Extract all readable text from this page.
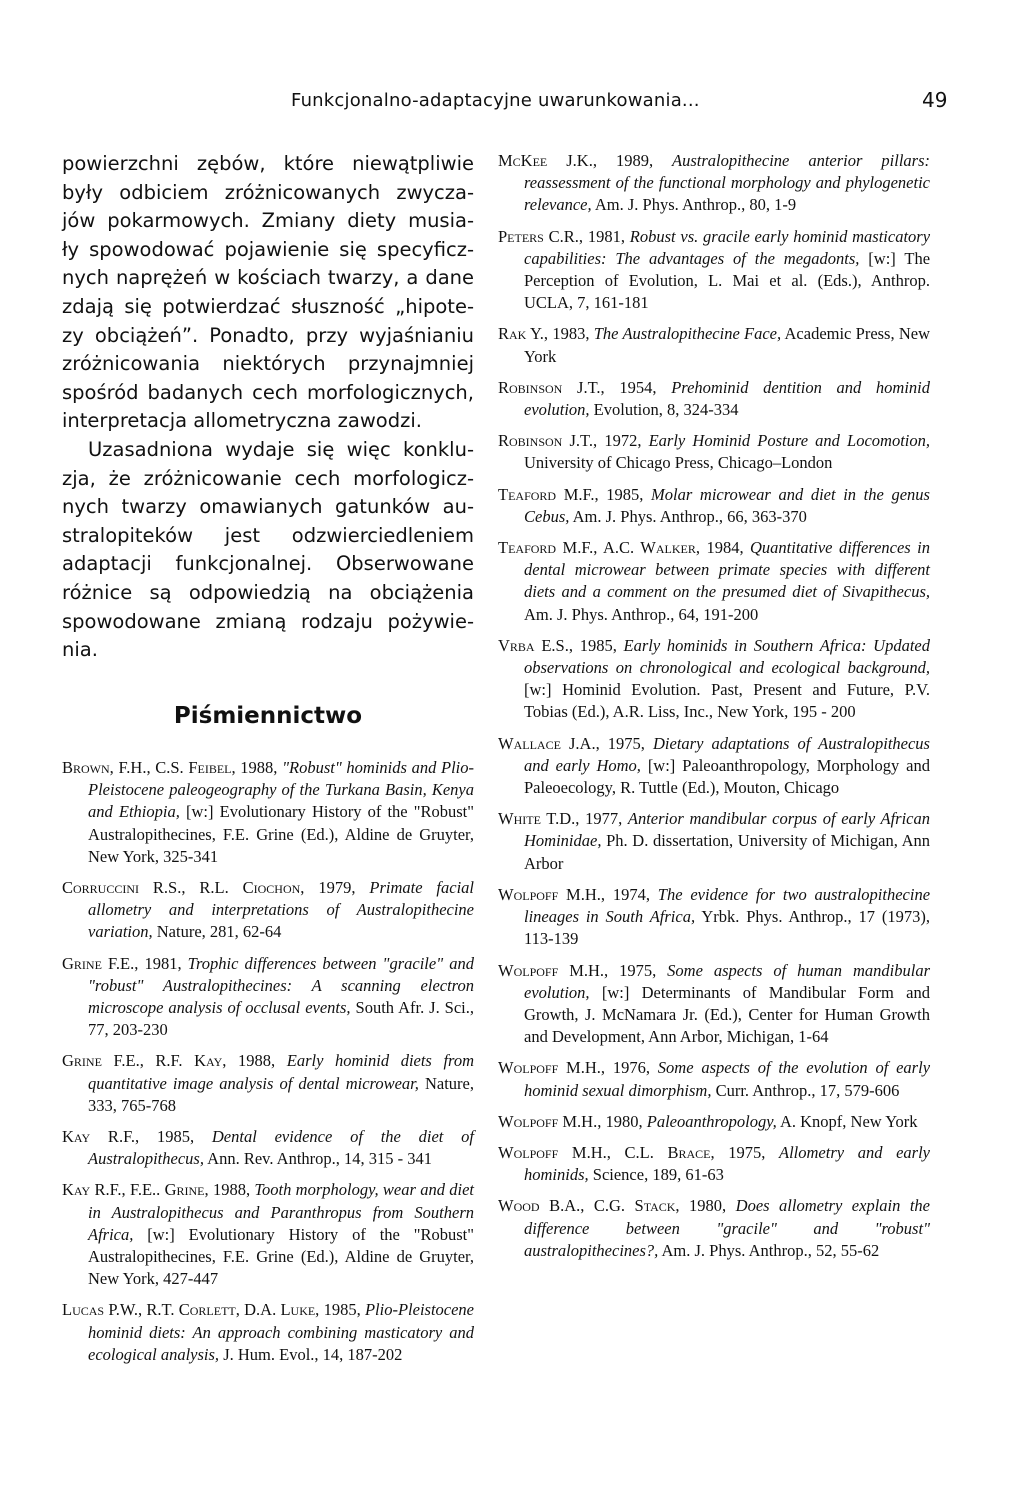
Funkcjonalno-adaptacyjne uwarunkowania...	49

powierzchni zębów, które niewątpliwie
były odbiciem zróżnicowanych zwycza-
jów pokarmowych. Zmiany diety musia-
ły spowodować pojawienie się specyficz-
nych naprężeń w kościach twarzy, a dane
zdają się potwierdzać słuszność „hipote-
zy obciążeń”. Ponadto, przy wyjaśnianiu
zróżnicowania niektórych przynajmniej
spośród badanych cech morfologicznych,
interpretacja allometryczna zawodzi.

Uzasadniona wydaje się więc konklu-
zja, że zróżnicowanie cech morfologicz-
nych twarzy omawianych gatunków au-
stralopiteków jest odzwierciedleniem
adaptacji funkcjonalnej. Obserwowane
różnice są odpowiedzią na obciążenia
spowodowane zmianą rodzaju pożywie-
nia.

Piśmiennictwo

Brown, F.H., C.S. Feibel, 1988, "Robust" hominids and Plio-Pleistocene paleogeography of the Turkana Basin, Kenya and Ethiopia, [w:] Evolutionary History of the "Robust" Australopithecines, F.E. Grine (Ed.), Aldine de Gruyter, New York, 325-341

Corruccini R.S., R.L. Ciochon, 1979, Primate facial allometry and interpretations of Australopithecine variation, Nature, 281, 62-64

Grine F.E., 1981, Trophic differences between "gracile" and "robust" Australopithecines: A scanning electron microscope analysis of occlusal events, South Afr. J. Sci., 77, 203-230

Grine F.E., R.F. Kay, 1988, Early hominid diets from quantitative image analysis of dental microwear, Nature, 333, 765-768

Kay R.F., 1985, Dental evidence of the diet of Australopithecus, Ann. Rev. Anthrop., 14, 315 - 341

Kay R.F., F.E.. Grine, 1988, Tooth morphology, wear and diet in Australopithecus and Paranthropus from Southern Africa, [w:] Evolutionary History of the "Robust" Australopithecines, F.E. Grine (Ed.), Aldine de Gruyter, New York, 427-447

Lucas P.W., R.T. Corlett, D.A. Luke, 1985, Plio-Pleistocene hominid diets: An approach combining masticatory and ecological analysis, J. Hum. Evol., 14, 187-202

McKee J.K., 1989, Australopithecine anterior pillars: reassessment of the functional morphology and phylogenetic relevance, Am. J. Phys. Anthrop., 80, 1-9

Peters C.R., 1981, Robust vs. gracile early hominid masticatory capabilities: The advantages of the megadonts, [w:] The Perception of Evolution, L. Mai et al. (Eds.), Anthrop. UCLA, 7, 161-181

Rak Y., 1983, The Australopithecine Face, Academic Press, New York

Robinson J.T., 1954, Prehominid dentition and hominid evolution, Evolution, 8, 324-334

Robinson J.T., 1972, Early Hominid Posture and Locomotion, University of Chicago Press, Chicago–London

Teaford M.F., 1985, Molar microwear and diet in the genus Cebus, Am. J. Phys. Anthrop., 66, 363-370

Teaford M.F., A.C. Walker, 1984, Quantitative differences in dental microwear between primate species with different diets and a comment on the presumed diet of Sivapithecus, Am. J. Phys. Anthrop., 64, 191-200

Vrba E.S., 1985, Early hominids in Southern Africa: Updated observations on chronological and ecological background, [w:] Hominid Evolution. Past, Present and Future, P.V. Tobias (Ed.), A.R. Liss, Inc., New York, 195 - 200

Wallace J.A., 1975, Dietary adaptations of Australopithecus and early Homo, [w:] Paleoanthropology, Morphology and Paleoecology, R. Tuttle (Ed.), Mouton, Chicago

White T.D., 1977, Anterior mandibular corpus of early African Hominidae, Ph. D. dissertation, University of Michigan, Ann Arbor

Wolpoff M.H., 1974, The evidence for two australopithecine lineages in South Africa, Yrbk. Phys. Anthrop., 17 (1973), 113-139

Wolpoff M.H., 1975, Some aspects of human mandibular evolution, [w:] Determinants of Mandibular Form and Growth, J. McNamara Jr. (Ed.), Center for Human Growth and Development, Ann Arbor, Michigan, 1-64

Wolpoff M.H., 1976, Some aspects of the evolution of early hominid sexual dimorphism, Curr. Anthrop., 17, 579-606

Wolpoff M.H., 1980, Paleoanthropology, A. Knopf, New York

Wolpoff M.H., C.L. Brace, 1975, Allometry and early hominids, Science, 189, 61-63

Wood B.A., C.G. Stack, 1980, Does allometry explain the difference between "gracile" and "robust" australopithecines?, Am. J. Phys. Anthrop., 52, 55-62
